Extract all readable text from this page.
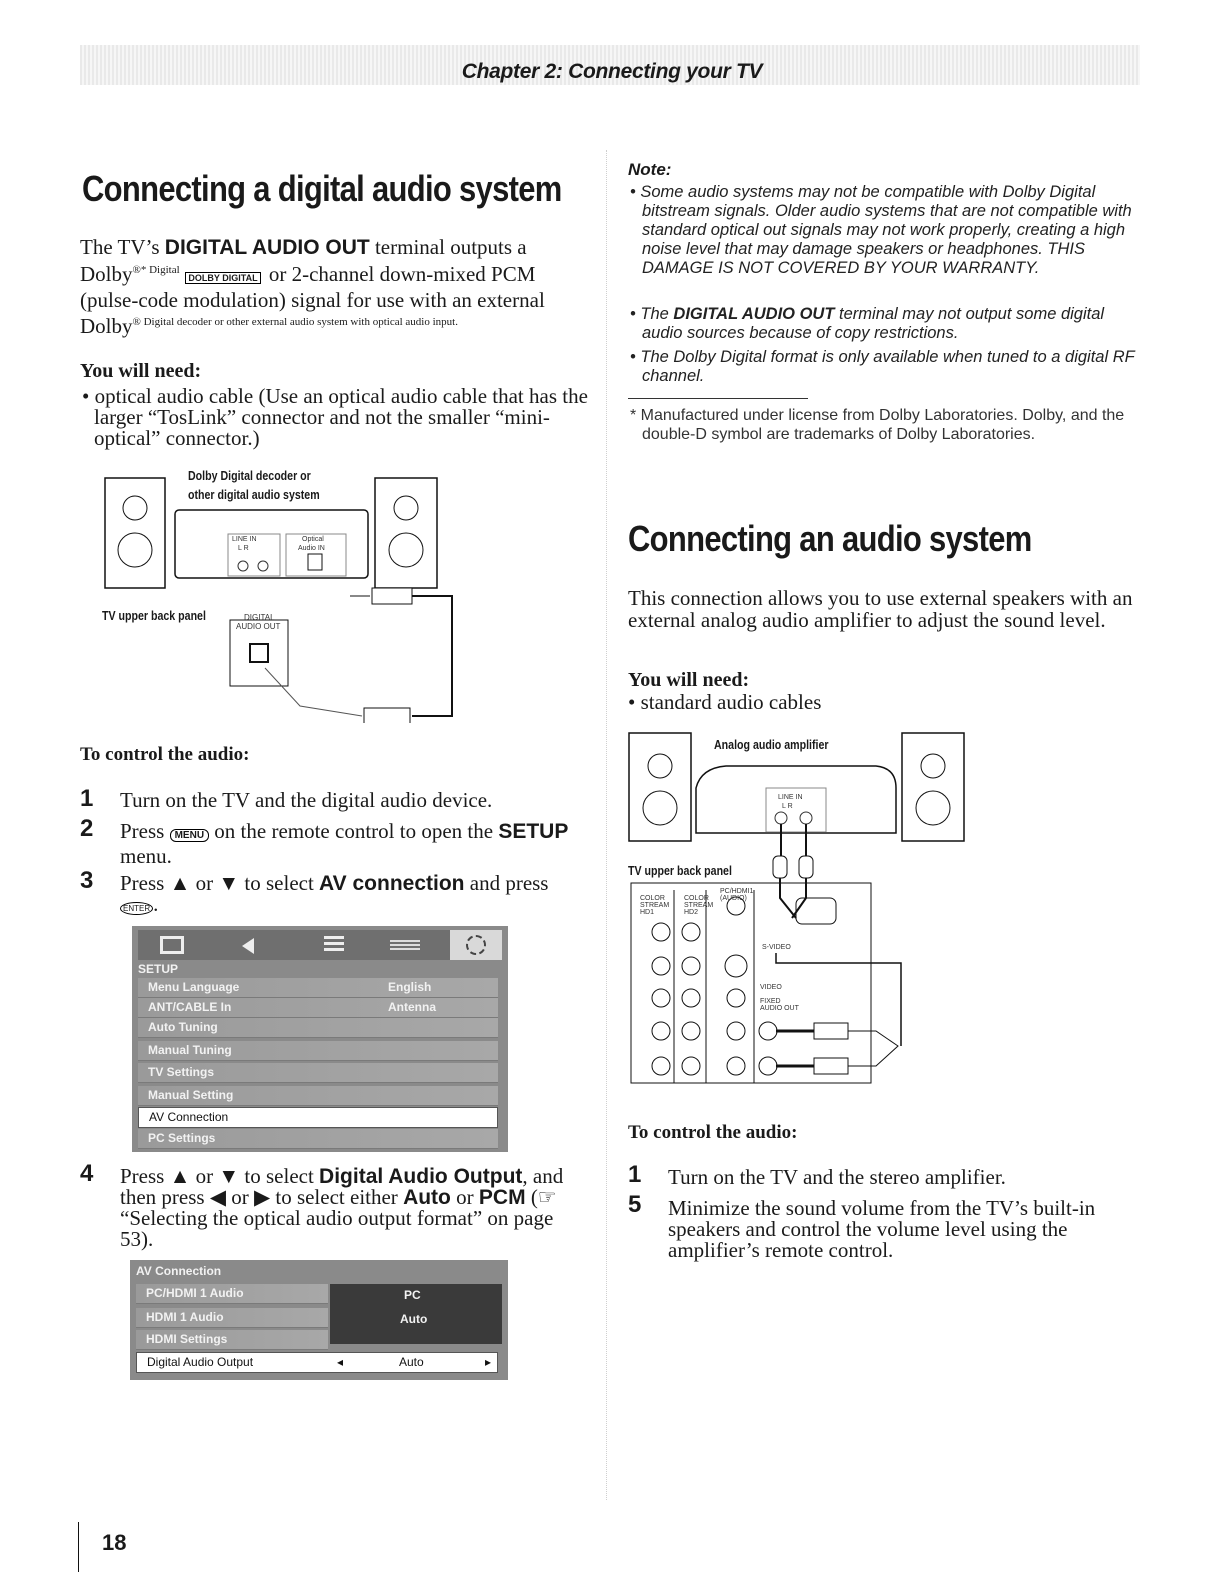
Chapter 2: Connecting your TV
Connecting a digital audio system
The TV’s DIGITAL AUDIO OUT terminal outputs a Dolby$^{®* Digital}$ DOLBY DIGITAL or 2-channel down-mixed PCM (pulse-code modulation) signal for use with an external Dolby$^{® Digital decoder or other external audio system with optical audio input.}$
You will need:
• optical audio cable (Use an optical audio cable that has the larger “TosLink” connector and not the smaller “mini-optical” connector.)
Dolby Digital decoder or
other digital audio system
LINE IN
L R
Optical
Audio IN
TV upper back panel	DIGITAL
AUDIO OUT
To control the audio:
1 Turn on the TV and the digital audio device.
2 Press MENU on the remote control to open the SETUP menu.
3 Press ▲ or ▼ to select AV connection and press ENTER .
SETUP
Menu Language	English
ANT/CABLE In	Antenna
Auto Tuning
Manual Tuning
TV Settings
Manual Setting
AV Connection
PC Settings
4 Press ▲ or ▼ to select Digital Audio Output, and then press ◀ or ▶ to select either Auto or PCM (☞ “Selecting the optical audio output format” on page 53).
AV Connection
PC/HDMI 1 Audio	PC
HDMI 1 Audio	Auto
HDMI Settings
Digital Audio Output	◂	Auto	▸
18
Note:
• Some audio systems may not be compatible with Dolby Digital bitstream signals. Older audio systems that are not compatible with standard optical out signals may not work properly, creating a high noise level that may damage speakers or headphones. THIS DAMAGE IS NOT COVERED BY YOUR WARRANTY.
• The DIGITAL AUDIO OUT terminal may not output some digital audio sources because of copy restrictions.
• The Dolby Digital format is only available when tuned to a digital RF channel.
* Manufactured under license from Dolby Laboratories. Dolby, and the double-D symbol are trademarks of Dolby Laboratories.
Connecting an audio system
This connection allows you to use external speakers with an external analog audio amplifier to adjust the sound level.
You will need:
• standard audio cables
Analog audio amplifier
LINE IN
L R
TV upper back panel
COLOR STREAM HD1
COLOR STREAM HD2
PC/HDMI1 (AUDIO)
S-VIDEO
VIDEO
FIXED AUDIO OUT
To control the audio:
1 Turn on the TV and the stereo amplifier.
5 Minimize the sound volume from the TV’s built-in speakers and control the volume level using the amplifier’s remote control.
